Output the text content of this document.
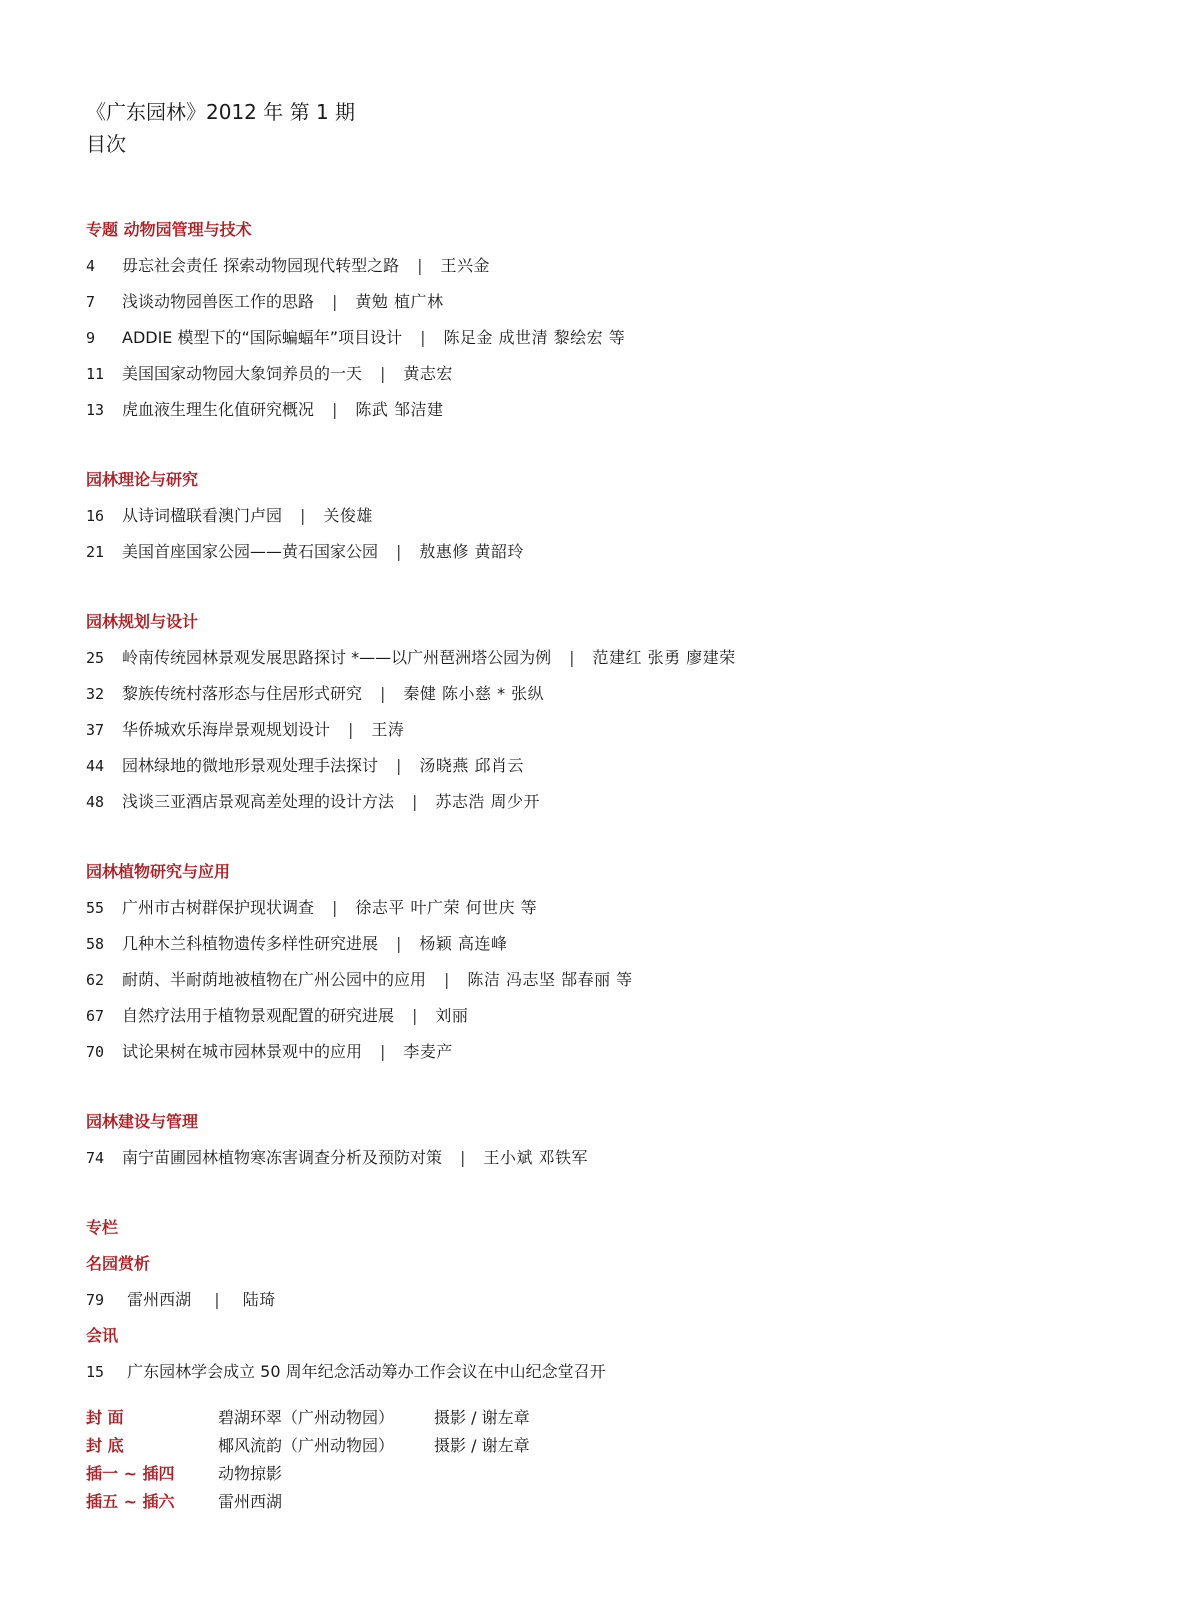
《广东园林》2012 年 第 1 期
目次
专题 动物园管理与技术
4 毋忘社会责任 探索动物园现代转型之路 | 王兴金
7 浅谈动物园兽医工作的思路 | 黄勉 植广林
9 ADDIE 模型下的“国际蝙蝠年”项目设计 | 陈足金 成世清 黎绘宏 等
11 美国国家动物园大象饲养员的一天 | 黄志宏
13 虎血液生理生化值研究概况 | 陈武 邹洁建
园林理论与研究
16 从诗词楹联看澳门卢园 | 关俊雄
21 美国首座国家公园——黄石国家公园 | 敖惠修 黄韶玲
园林规划与设计
25 岭南传统园林景观发展思路探讨 *——以广州琶洲塔公园为例 | 范建红 张勇 廖建荣
32 黎族传统村落形态与住居形式研究 | 秦健 陈小慈 * 张纵
37 华侨城欢乐海岸景观规划设计 | 王涛
44 园林绿地的微地形景观处理手法探讨 | 汤晓燕 邱肖云
48 浅谈三亚酒店景观高差处理的设计方法 | 苏志浩 周少开
园林植物研究与应用
55 广州市古树群保护现状调查 | 徐志平 叶广荣 何世庆 等
58 几种木兰科植物遗传多样性研究进展 | 杨颖 高连峰
62 耐荫、半耐荫地被植物在广州公园中的应用 | 陈洁 冯志坚 郜春丽 等
67 自然疗法用于植物景观配置的研究进展 | 刘丽
70 试论果树在城市园林景观中的应用 | 李麦产
园林建设与管理
74 南宁苗圃园林植物寒冻害调查分析及预防对策 | 王小斌 邓铁军
专栏
名园赏析
79 雷州西湖 | 陆琦
会讯
15 广东园林学会成立 50 周年纪念活动筹办工作会议在中山纪念堂召开
封 面	碧湖环翠（广州动物园） 摄影 / 谢左章
封 底	椰风流韵（广州动物园） 摄影 / 谢左章
插一 ~ 插四	动物掠影
插五 ~ 插六	雷州西湖
